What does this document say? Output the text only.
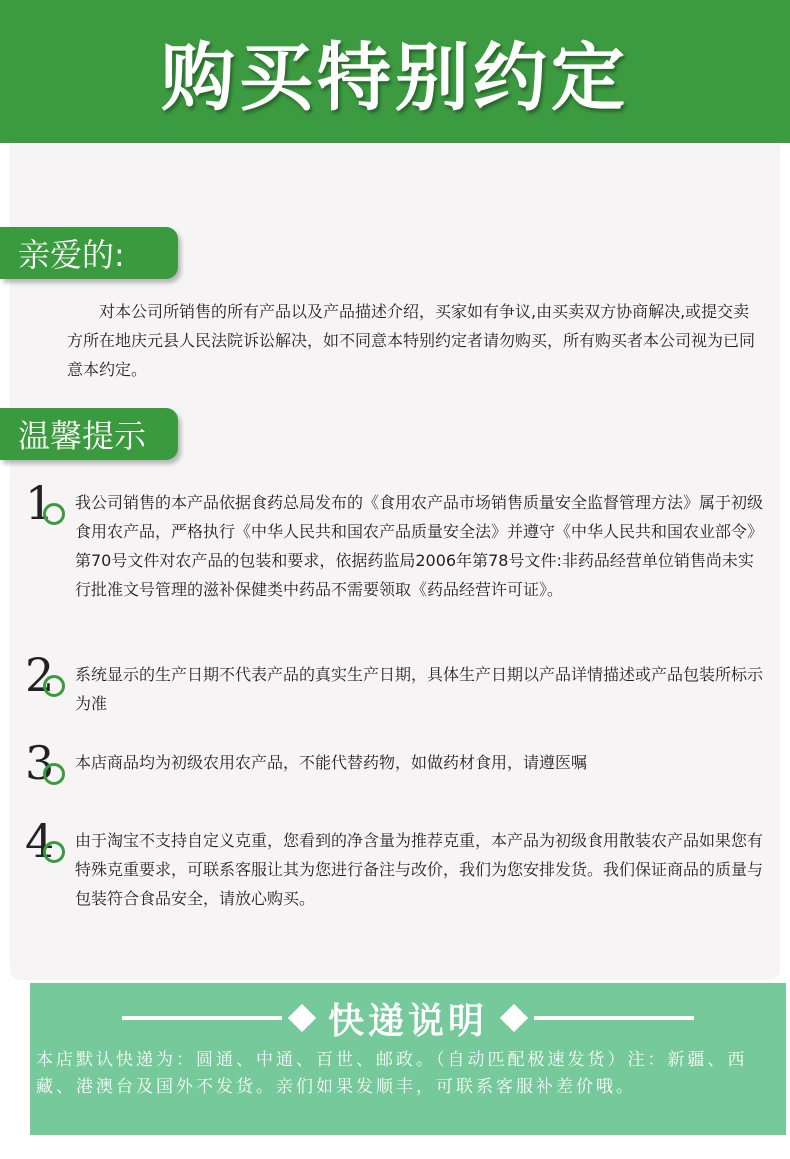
购买特别约定
亲爱的:

对本公司所销售的所有产品以及产品描述介绍，买家如有争议,由买卖双方协商解决,或提交卖方所在地庆元县人民法院诉讼解决，如不同意本特别约定者请勿购买，所有购买者本公司视为已同意本约定。

温馨提示
1	我公司销售的本产品依据食药总局发布的《食用农产品市场销售质量安全监督管理方法》属于初级食用农产品，严格执行《中华人民共和国农产品质量安全法》并遵守《中华人民共和国农业部令》第70号文件对农产品的包装和要求，依据药监局2006年第78号文件:非药品经营单位销售尚未实行批准文号管理的滋补保健类中药品不需要领取《药品经营许可证》。

2	系统显示的生产日期不代表产品的真实生产日期，具体生产日期以产品详情描述或产品包装所标示为准

3	本店商品均为初级农用农产品，不能代替药物，如做药材食用，请遵医嘱

4	由于淘宝不支持自定义克重，您看到的净含量为推荐克重，本产品为初级食用散装农产品如果您有特殊克重要求，可联系客服让其为您进行备注与改价，我们为您安排发货。我们保证商品的质量与包装符合食品安全，请放心购买。

快递说明

本店默认快递为：圆通、中通、百世、邮政。（自动匹配极速发货）注：新疆、西藏、港澳台及国外不发货。亲们如果发顺丰，可联系客服补差价哦。
